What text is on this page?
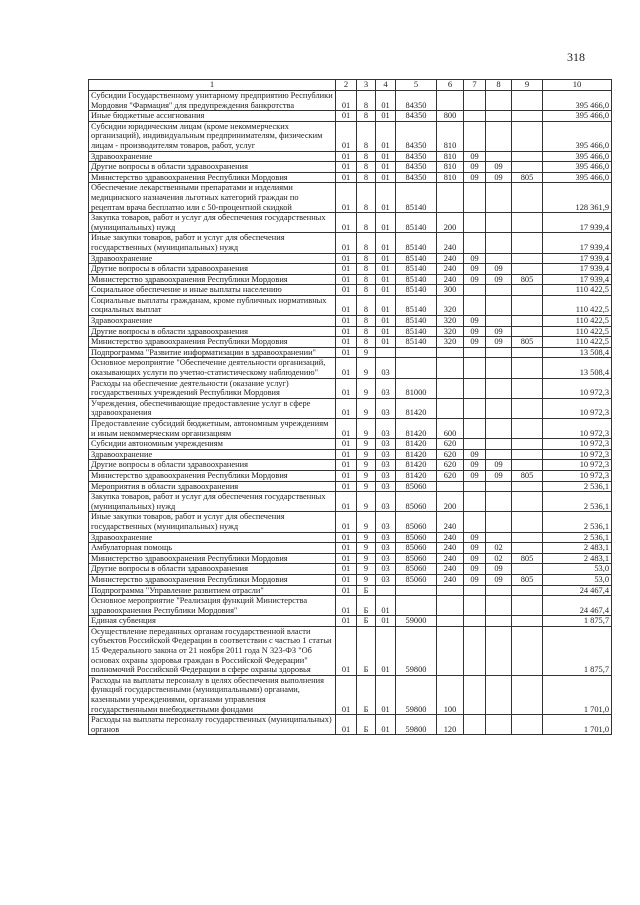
318
1	2	3	4	5	6	7	8	9	10
Субсидии Государственному унитарному предприятию Республики Мордовия "Фармация" для предупреждения банкротства	01	8	01	84350					395 466,0
Иные бюджетные ассигнования	01	8	01	84350	800				395 466,0
Субсидии юридическим лицам (кроме некоммерческих организаций), индивидуальным предпринимателям, физическим лицам - производителям товаров, работ, услуг	01	8	01	84350	810				395 466,0
Здравоохранение	01	8	01	84350	810	09			395 466,0
Другие вопросы в области здравоохранения	01	8	01	84350	810	09	09		395 466,0
Министерство здравоохранения Республики Мордовия	01	8	01	84350	810	09	09	805	395 466,0
Обеспечение лекарственными препаратами и изделиями медицинского назначения льготных категорий граждан по рецептам врача бесплатно или с 50-процентной скидкой	01	8	01	85140					128 361,9
Закупка товаров, работ и услуг для обеспечения государственных (муниципальных) нужд	01	8	01	85140	200				17 939,4
Иные закупки товаров, работ и услуг для обеспечения государственных (муниципальных) нужд	01	8	01	85140	240				17 939,4
Здравоохранение	01	8	01	85140	240	09			17 939,4
Другие вопросы в области здравоохранения	01	8	01	85140	240	09	09		17 939,4
Министерство здравоохранения Республики Мордовия	01	8	01	85140	240	09	09	805	17 939,4
Социальное обеспечение и иные выплаты населению	01	8	01	85140	300				110 422,5
Социальные выплаты гражданам, кроме публичных нормативных социальных выплат	01	8	01	85140	320				110 422,5
Здравоохранение	01	8	01	85140	320	09			110 422,5
Другие вопросы в области здравоохранения	01	8	01	85140	320	09	09		110 422,5
Министерство здравоохранения Республики Мордовия	01	8	01	85140	320	09	09	805	110 422,5
Подпрограмма "Развитие информатизации в здравоохранении"	01	9							13 508,4
Основное мероприятие "Обеспечение деятельности организаций, оказывающих услуги по учетно-статистическому наблюдению"	01	9	03						13 508,4
Расходы на обеспечение деятельности (оказание услуг) государственных учреждений Республики Мордовия	01	9	03	81000					10 972,3
Учреждения, обеспечивающие предоставление услуг в сфере здравоохранения	01	9	03	81420					10 972,3
Предоставление субсидий бюджетным, автономным учреждениям и иным некоммерческим организациям	01	9	03	81420	600				10 972,3
Субсидии автономным учреждениям	01	9	03	81420	620				10 972,3
Здравоохранение	01	9	03	81420	620	09			10 972,3
Другие вопросы в области здравоохранения	01	9	03	81420	620	09	09		10 972,3
Министерство здравоохранения Республики Мордовия	01	9	03	81420	620	09	09	805	10 972,3
Мероприятия в области здравоохранения	01	9	03	85060					2 536,1
Закупка товаров, работ и услуг для обеспечения государственных (муниципальных) нужд	01	9	03	85060	200				2 536,1
Иные закупки товаров, работ и услуг для обеспечения государственных (муниципальных) нужд	01	9	03	85060	240				2 536,1
Здравоохранение	01	9	03	85060	240	09			2 536,1
Амбулаторная помощь	01	9	03	85060	240	09	02		2 483,1
Министерство здравоохранения Республики Мордовия	01	9	03	85060	240	09	02	805	2 483,1
Другие вопросы в области здравоохранения	01	9	03	85060	240	09	09		53,0
Министерство здравоохранения Республики Мордовия	01	9	03	85060	240	09	09	805	53,0
Подпрограмма "Управление развитием отрасли"	01	Б							24 467,4
Основное мероприятие "Реализация функций Министерства здравоохранения Республики Мордовия"	01	Б	01						24 467,4
Единая субвенция	01	Б	01	59000					1 875,7
Осуществление переданных органам государственной власти субъектов Российской Федерации в соответствии с частью 1 статьи 15 Федерального закона от 21 ноября 2011 года N 323-ФЗ "Об основах охраны здоровья граждан в Российской Федерации" полномочий Российской Федерации в сфере охраны здоровья	01	Б	01	59800					1 875,7
Расходы на выплаты персоналу в целях обеспечения выполнения функций государственными (муниципальными) органами, казенными учреждениями, органами управления государственными внебюджетными фондами	01	Б	01	59800	100				1 701,0
Расходы на выплаты персоналу государственных (муниципальных) органов	01	Б	01	59800	120				1 701,0
